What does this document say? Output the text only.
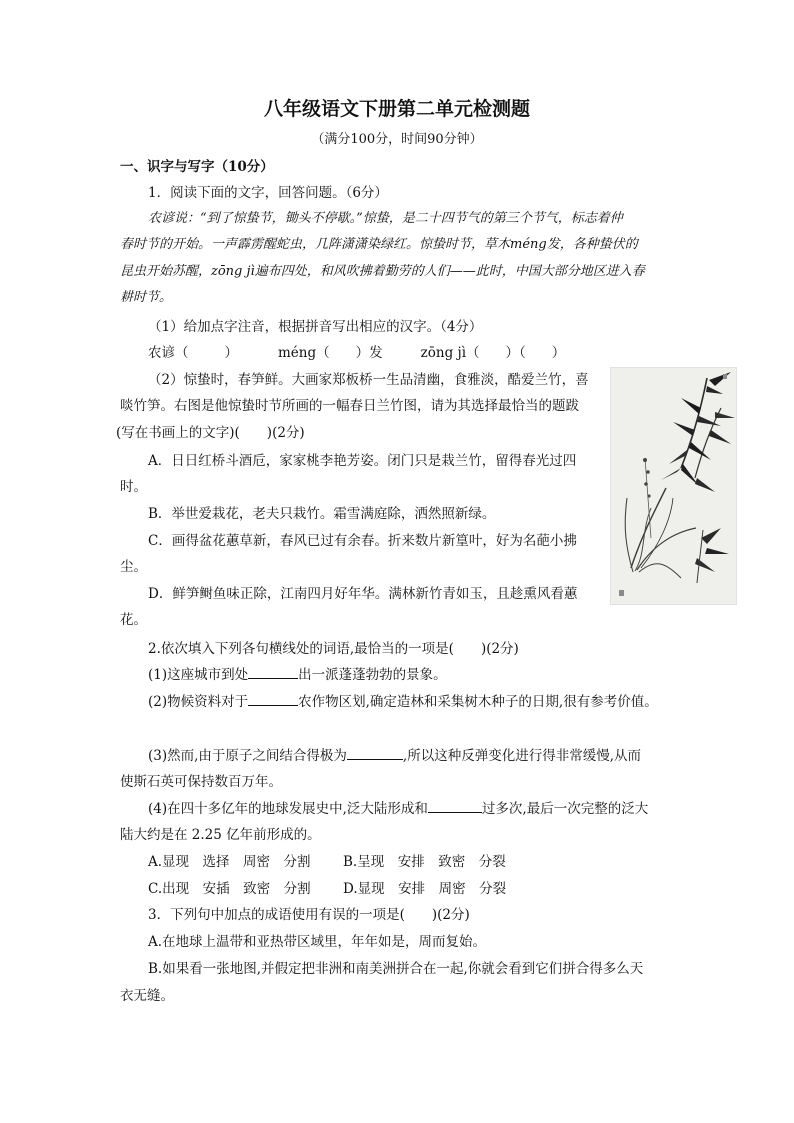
八年级语文下册第二单元检测题
（满分100分，时间90分钟）
一、识字与写字（10分）
1．阅读下面的文字，回答问题。（6分）
农谚说：“到了惊蛰节，锄头不停歇。”惊蛰，是二十四节气的第三个节气，标志着仲
春时节的开始。一声霹雳醒蛇虫，几阵潇潇染绿红。惊蛰时节，草木méng发，各种蛰伏的
昆虫开始苏醒，zōng jì遍布四处，和风吹拂着勤劳的人们——此时，中国大部分地区进入春
耕时节。
（1）给加点字注音，根据拼音写出相应的汉字。（4分）
农谚（	）	méng（ ）发	zōng jì（ ）（ ）
（2）惊蛰时，春笋鲜。大画家郑板桥一生品清幽，食雅淡，酷爱兰竹，喜
啖竹笋。右图是他惊蛰时节所画的一幅春日兰竹图，请为其选择最恰当的题跋
(写在书画上的文字)(　　)(2分)
A．日日红桥斗酒卮，家家桃李艳芳姿。闭门只是栽兰竹，留得春光过四
时。
B．举世爱栽花，老夫只栽竹。霜雪满庭除，洒然照新绿。
C．画得盆花蕙草新，春风已过有余春。折来数片新篁叶，好为名葩小拂
尘。
D．鲜笋鲥鱼味正除，江南四月好年华。满林新竹青如玉，且趁熏风看蕙
花。
2.依次填入下列各句横线处的词语,最恰当的一项是(　　)(2分)
(1)这座城市到处	出一派蓬蓬勃勃的景象。
(2)物候资料对于	农作物区划,确定造林和采集树木种子的日期,很有参考价值。
(3)然而,由于原子之间结合得极为	,所以这种反弹变化进行得非常缓慢,从而
使斯石英可保持数百万年。
(4)在四十多亿年的地球发展史中,泛大陆形成和	过多次,最后一次完整的泛大
陆大约是在 2.25 亿年前形成的。
A.显现　选择　周密　分割 B.呈现　安排　致密　分裂
C.出现　安插　致密　分割 D.显现　安排　周密　分裂
3．下列句中加点的成语使用有误的一项是(　　)(2分)
A.在地球上温带和亚热带区域里，年年如是，周而复始。
B.如果看一张地图,并假定把非洲和南美洲拼合在一起,你就会看到它们拼合得多么天
衣无缝。
